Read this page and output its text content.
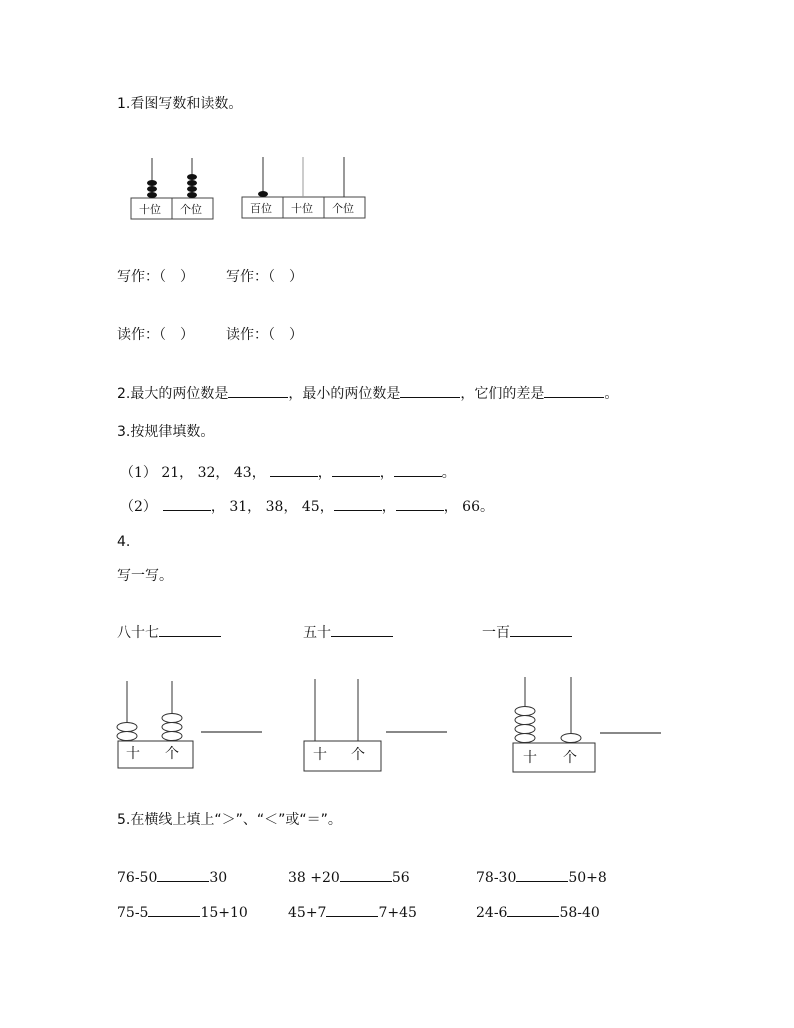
1.看图写数和读数。
十位 个位	百位 十位 个位
写作：（　） 写作：（　）
读作：（　） 读作：（　）
2.最大的两位数是	，最小的两位数是	，它们的差是	。
3.按规律填数。
（1） 21， 32， 43，	，	，	。
（2）	， 31， 38， 45，	，	， 66。
4.
写一写。
八十七	五十	一百
十 个	十 个	十 个
5.在横线上填上“＞”、“＜”或“＝”。
76-50	30	38 +20	56	78-30	50+8
75-5	15+10	45+7	7+45	24-6	58-40
